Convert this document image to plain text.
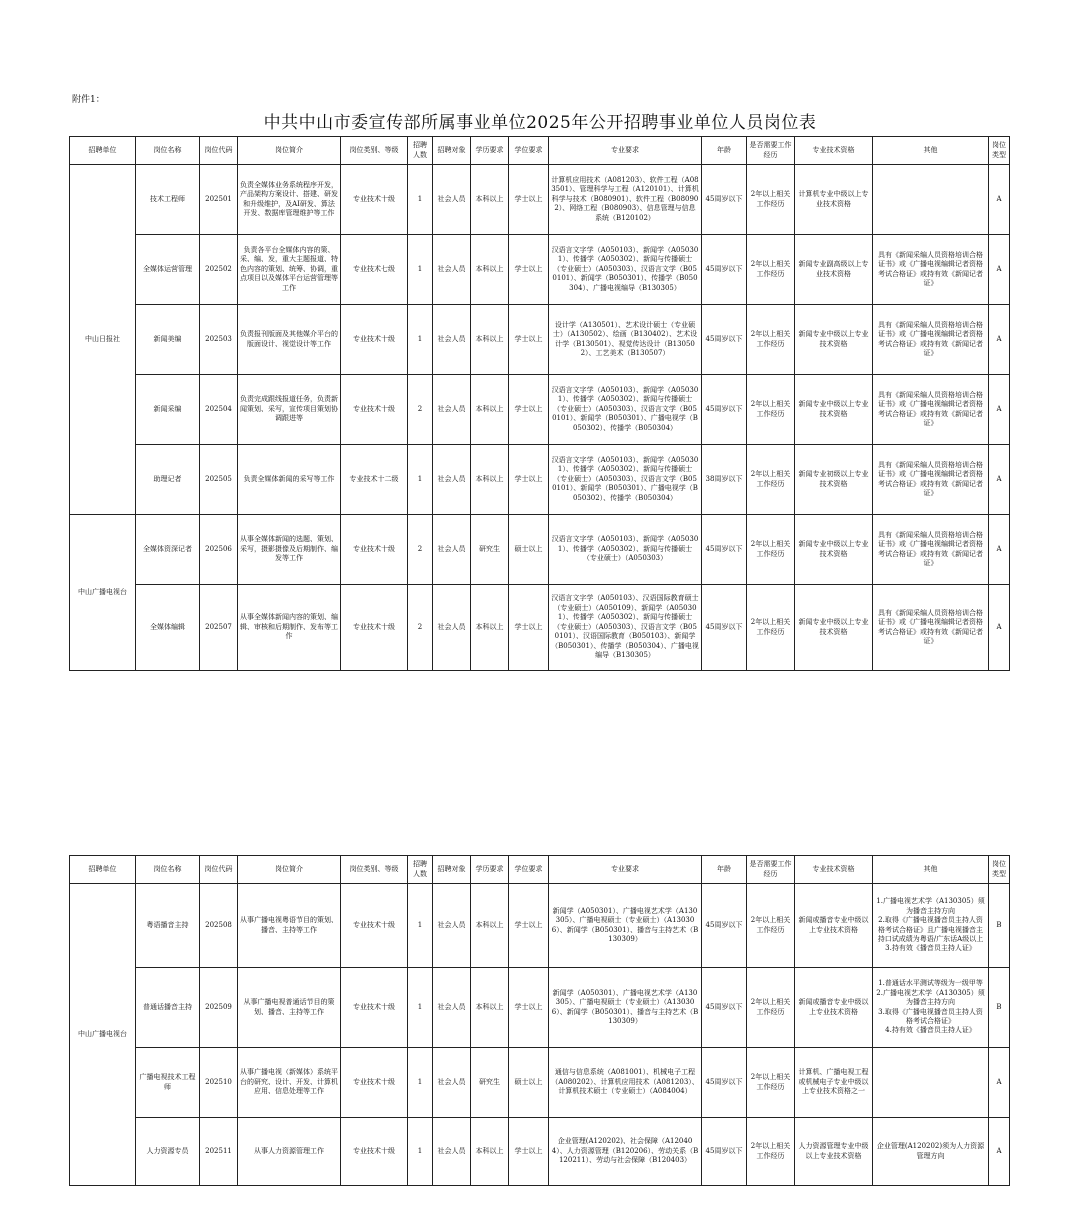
附件1：
中共中山市委宣传部所属事业单位2025年公开招聘事业单位人员岗位表
招聘单位	岗位名称	岗位代码	岗位简介	岗位类别、等级	招聘人数	招聘对象	学历要求	学位要求	专业要求	年龄	是否需要工作经历	专业技术资格	其他	岗位类型
中山日报社	技术工程师	202501	负责全媒体业务系统程序开发，产品架构方案设计、搭建、研发和升级维护，及AI研发、算法开发、数据库管理维护等工作	专业技术十级	1	社会人员	本科以上	学士以上	计算机应用技术（A081203）、软件工程（A083501）、管理科学与工程（A120101）、计算机科学与技术（B080901）、软件工程（B080902）、网络工程（B080903）、信息管理与信息系统（B120102）	45周岁以下	2年以上相关工作经历	计算机专业中级以上专业技术资格		A
	全媒体运营管理	202502	负责各平台全媒体内容的策、采、编、发，重大主题报道、特色内容的策划、统筹、协调，重点项目以及媒体平台运营管理等工作	专业技术七级	1	社会人员	本科以上	学士以上	汉语言文字学（A050103）、新闻学（A050301）、传播学（A050302）、新闻与传播硕士（专业硕士）（A050303）、汉语言文学（B050101）、新闻学（B050301）、传播学（B050304）、广播电视编导（B130305）	45周岁以下	2年以上相关工作经历	新闻专业副高级以上专业技术资格	具有《新闻采编人员资格培训合格证书》或《广播电视编辑记者资格考试合格证》或持有效《新闻记者证》	A
	新闻美编	202503	负责报刊版面及其他媒介平台的版面设计、视觉设计等工作	专业技术十级	1	社会人员	本科以上	学士以上	设计学（A130501）、艺术设计硕士（专业硕士）（A130502）、绘画（B130402）、艺术设计学（B130501）、视觉传达设计（B130502）、工艺美术（B130507）	45周岁以下	2年以上相关工作经历	新闻专业中级以上专业技术资格	具有《新闻采编人员资格培训合格证书》或《广播电视编辑记者资格考试合格证》或持有效《新闻记者证》	A
	新闻采编	202504	负责完成跟线报道任务，负责新闻策划、采写，宣传项目策划协调跟进等	专业技术十级	2	社会人员	本科以上	学士以上	汉语言文字学（A050103）、新闻学（A050301）、传播学（A050302）、新闻与传播硕士（专业硕士）（A050303）、汉语言文学（B050101）、新闻学（B050301）、广播电视学（B050302）、传播学（B050304）	45周岁以下	2年以上相关工作经历	新闻专业中级以上专业技术资格	具有《新闻采编人员资格培训合格证书》或《广播电视编辑记者资格考试合格证》或持有效《新闻记者证》	A
	助理记者	202505	负责全媒体新闻的采写等工作	专业技术十二级	1	社会人员	本科以上	学士以上	汉语言文字学（A050103）、新闻学（A050301）、传播学（A050302）、新闻与传播硕士（专业硕士）（A050303）、汉语言文学（B050101）、新闻学（B050301）、广播电视学（B050302）、传播学（B050304）	38周岁以下	2年以上相关工作经历	新闻专业初级以上专业技术资格	具有《新闻采编人员资格培训合格证书》或《广播电视编辑记者资格考试合格证》或持有效《新闻记者证》	A
中山广播电视台	全媒体资深记者	202506	从事全媒体新闻的选题、策划、采写，摄影摄像及后期制作、编发等工作	专业技术十级	2	社会人员	研究生	硕士以上	汉语言文字学（A050103）、新闻学（A050301）、传播学（A050302）、新闻与传播硕士（专业硕士）（A050303）	45周岁以下	2年以上相关工作经历	新闻专业中级以上专业技术资格	具有《新闻采编人员资格培训合格证书》或《广播电视编辑记者资格考试合格证》或持有效《新闻记者证》	A
	全媒体编辑	202507	从事全媒体新闻内容的策划、编辑、审核和后期制作、发布等工作	专业技术十级	2	社会人员	本科以上	学士以上	汉语言文字学（A050103）、汉语国际教育硕士（专业硕士）（A050109）、新闻学（A050301）、传播学（A050302）、新闻与传播硕士（专业硕士）（A050303）、汉语言文学（B050101）、汉语国际教育（B050103）、新闻学（B050301）、传播学（B050304）、广播电视编导（B130305）	45周岁以下	2年以上相关工作经历	新闻专业中级以上专业技术资格	具有《新闻采编人员资格培训合格证书》或《广播电视编辑记者资格考试合格证》或持有效《新闻记者证》	A
招聘单位	岗位名称	岗位代码	岗位简介	岗位类别、等级	招聘人数	招聘对象	学历要求	学位要求	专业要求	年龄	是否需要工作经历	专业技术资格	其他	岗位类型
中山广播电视台	粤语播音主持	202508	从事广播电视粤语节目的策划、播音、主持等工作	专业技术十级	1	社会人员	本科以上	学士以上	新闻学（A050301）、广播电视艺术学（A130305）、广播电视硕士（专业硕士）（A130306）、新闻学（B050301）、播音与主持艺术（B130309）	45周岁以下	2年以上相关工作经历	新闻或播音专业中级以上专业技术资格	1.广播电视艺术学（A130305）须为播音主持方向
2.取得《广播电视播音员主持人资格考试合格证》且广播电视播音主持口试成绩为粤语/广东话A级以上
3.持有效《播音员主持人证》	B
	普通话播音主持	202509	从事广播电视普通话节目的策划、播音、主持等工作	专业技术十级	1	社会人员	本科以上	学士以上	新闻学（A050301）、广播电视艺术学（A130305）、广播电视硕士（专业硕士）（A130306）、新闻学（B050301）、播音与主持艺术（B130309）	45周岁以下	2年以上相关工作经历	新闻或播音专业中级以上专业技术资格	1.普通话水平测试等级为一级甲等
2.广播电视艺术学（A130305）须为播音主持方向
3.取得《广播电视播音员主持人资格考试合格证》
4.持有效《播音员主持人证》	B
	广播电视技术工程师	202510	从事广播电视（新媒体）系统平台的研究、设计、开发、计算机应用、信息处理等工作	专业技术十级	1	社会人员	研究生	硕士以上	通信与信息系统（A081001）、机械电子工程（A080202）、计算机应用技术（A081203）、计算机技术硕士（专业硕士）（A084004）	45周岁以下	2年以上相关工作经历	计算机、广播电视工程或机械电子专业中级以上专业技术资格之一		A
	人力资源专员	202511	从事人力资源管理工作	专业技术十级	1	社会人员	本科以上	学士以上	企业管理(A120202)、社会保障（A120404）、人力资源管理（B120206）、劳动关系（B120211）、劳动与社会保障（B120403）	45周岁以下	2年以上相关工作经历	人力资源管理专业中级以上专业技术资格	企业管理(A120202)须为人力资源管理方向	A
